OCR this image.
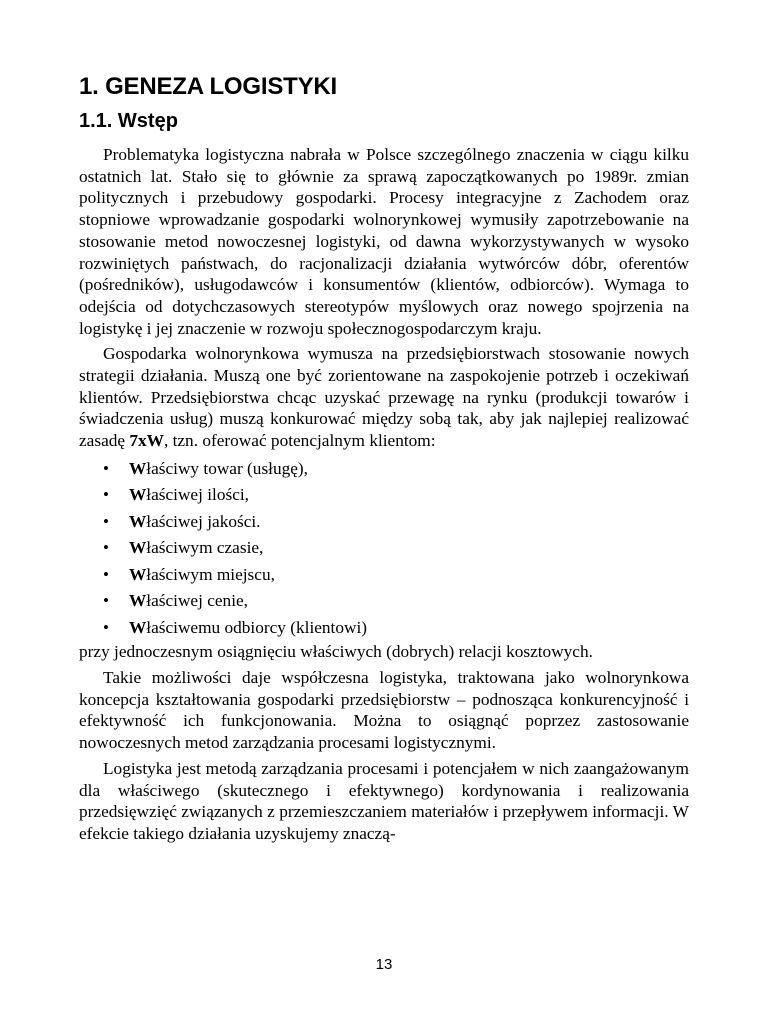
1. GENEZA LOGISTYKI
1.1. Wstęp

Problematyka logistyczna nabrała w Polsce szczególnego znaczenia w ciągu kilku ostatnich lat. Stało się to głównie za sprawą zapoczątkowanych po 1989r. zmian politycznych i przebudowy gospodarki. Procesy integracyjne z Zachodem oraz stopniowe wprowadzanie gospodarki wolnorynkowej wymusiły zapotrzebowanie na stosowanie metod nowoczesnej logistyki, od dawna wykorzystywanych w wysoko rozwiniętych państwach, do racjonalizacji działania wytwórców dóbr, oferentów (pośredników), usługodawców i konsumentów (klientów, odbiorców). Wymaga to odejścia od dotychczasowych stereotypów myślowych oraz nowego spojrzenia na logistykę i jej znaczenie w rozwoju społecznogospodarczym kraju.

Gospodarka wolnorynkowa wymusza na przedsiębiorstwach stosowanie nowych strategii działania. Muszą one być zorientowane na zaspokojenie potrzeb i oczekiwań klientów. Przedsiębiorstwa chcąc uzyskać przewagę na rynku (produkcji towarów i świadczenia usług) muszą konkurować między sobą tak, aby jak najlepiej realizować zasadę 7xW, tzn. oferować potencjalnym klientom:

• Właściwy towar (usługę),
• Właściwej ilości,
• Właściwej jakości.
• Właściwym czasie,
• Właściwym miejscu,
• Właściwej cenie,
• Właściwemu odbiorcy (klientowi)

przy jednoczesnym osiągnięciu właściwych (dobrych) relacji kosztowych.

Takie możliwości daje współczesna logistyka, traktowana jako wolnorynkowa koncepcja kształtowania gospodarki przedsiębiorstw – podnosząca konkurencyjność i efektywność ich funkcjonowania. Można to osiągnąć poprzez zastosowanie nowoczesnych metod zarządzania procesami logistycznymi.

Logistyka jest metodą zarządzania procesami i potencjałem w nich zaangażowanym dla właściwego (skutecznego i efektywnego) kordynowania i realizowania przedsięwzięć związanych z przemieszczaniem materiałów i przepływem informacji. W efekcie takiego działania uzyskujemy znaczą-

13
